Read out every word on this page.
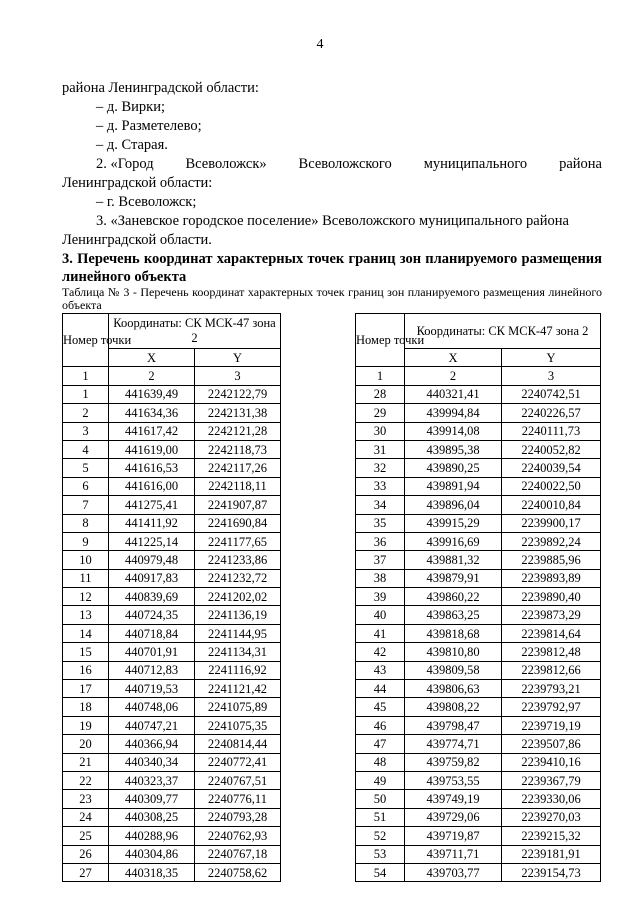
4
района Ленинградской области:
– д. Вирки;
– д. Разметелево;
– д. Старая.
2. «Город Всеволожск» Всеволожского муниципального района
Ленинградской области:
– г. Всеволожск;
3. «Заневское городское поселение» Всеволожского муниципального района
Ленинградской области.
3. Перечень координат характерных точек границ зон планируемого размещения линейного объекта
Таблица № 3 - Перечень координат характерных точек границ зон планируемого размещения линейного объекта
Номер точки	Координаты: СК МСК-47 зона 2	
	X	Y
1	2	3
1	441639,49	2242122,79
2	441634,36	2242131,38
3	441617,42	2242121,28
4	441619,00	2242118,73
5	441616,53	2242117,26
6	441616,00	2242118,11
7	441275,41	2241907,87
8	441411,92	2241690,84
9	441225,14	2241177,65
10	440979,48	2241233,86
11	440917,83	2241232,72
12	440839,69	2241202,02
13	440724,35	2241136,19
14	440718,84	2241144,95
15	440701,91	2241134,31
16	440712,83	2241116,92
17	440719,53	2241121,42
18	440748,06	2241075,89
19	440747,21	2241075,35
20	440366,94	2240814,44
21	440340,34	2240772,41
22	440323,37	2240767,51
23	440309,77	2240776,11
24	440308,25	2240793,28
25	440288,96	2240762,93
26	440304,86	2240767,18
27	440318,35	2240758,62
Номер точки	Координаты: СК МСК-47 зона 2	
	X	Y
1	2	3
28	440321,41	2240742,51
29	439994,84	2240226,57
30	439914,08	2240111,73
31	439895,38	2240052,82
32	439890,25	2240039,54
33	439891,94	2240022,50
34	439896,04	2240010,84
35	439915,29	2239900,17
36	439916,69	2239892,24
37	439881,32	2239885,96
38	439879,91	2239893,89
39	439860,22	2239890,40
40	439863,25	2239873,29
41	439818,68	2239814,64
42	439810,80	2239812,48
43	439809,58	2239812,66
44	439806,63	2239793,21
45	439808,22	2239792,97
46	439798,47	2239719,19
47	439774,71	2239507,86
48	439759,82	2239410,16
49	439753,55	2239367,79
50	439749,19	2239330,06
51	439729,06	2239270,03
52	439719,87	2239215,32
53	439711,71	2239181,91
54	439703,77	2239154,73
